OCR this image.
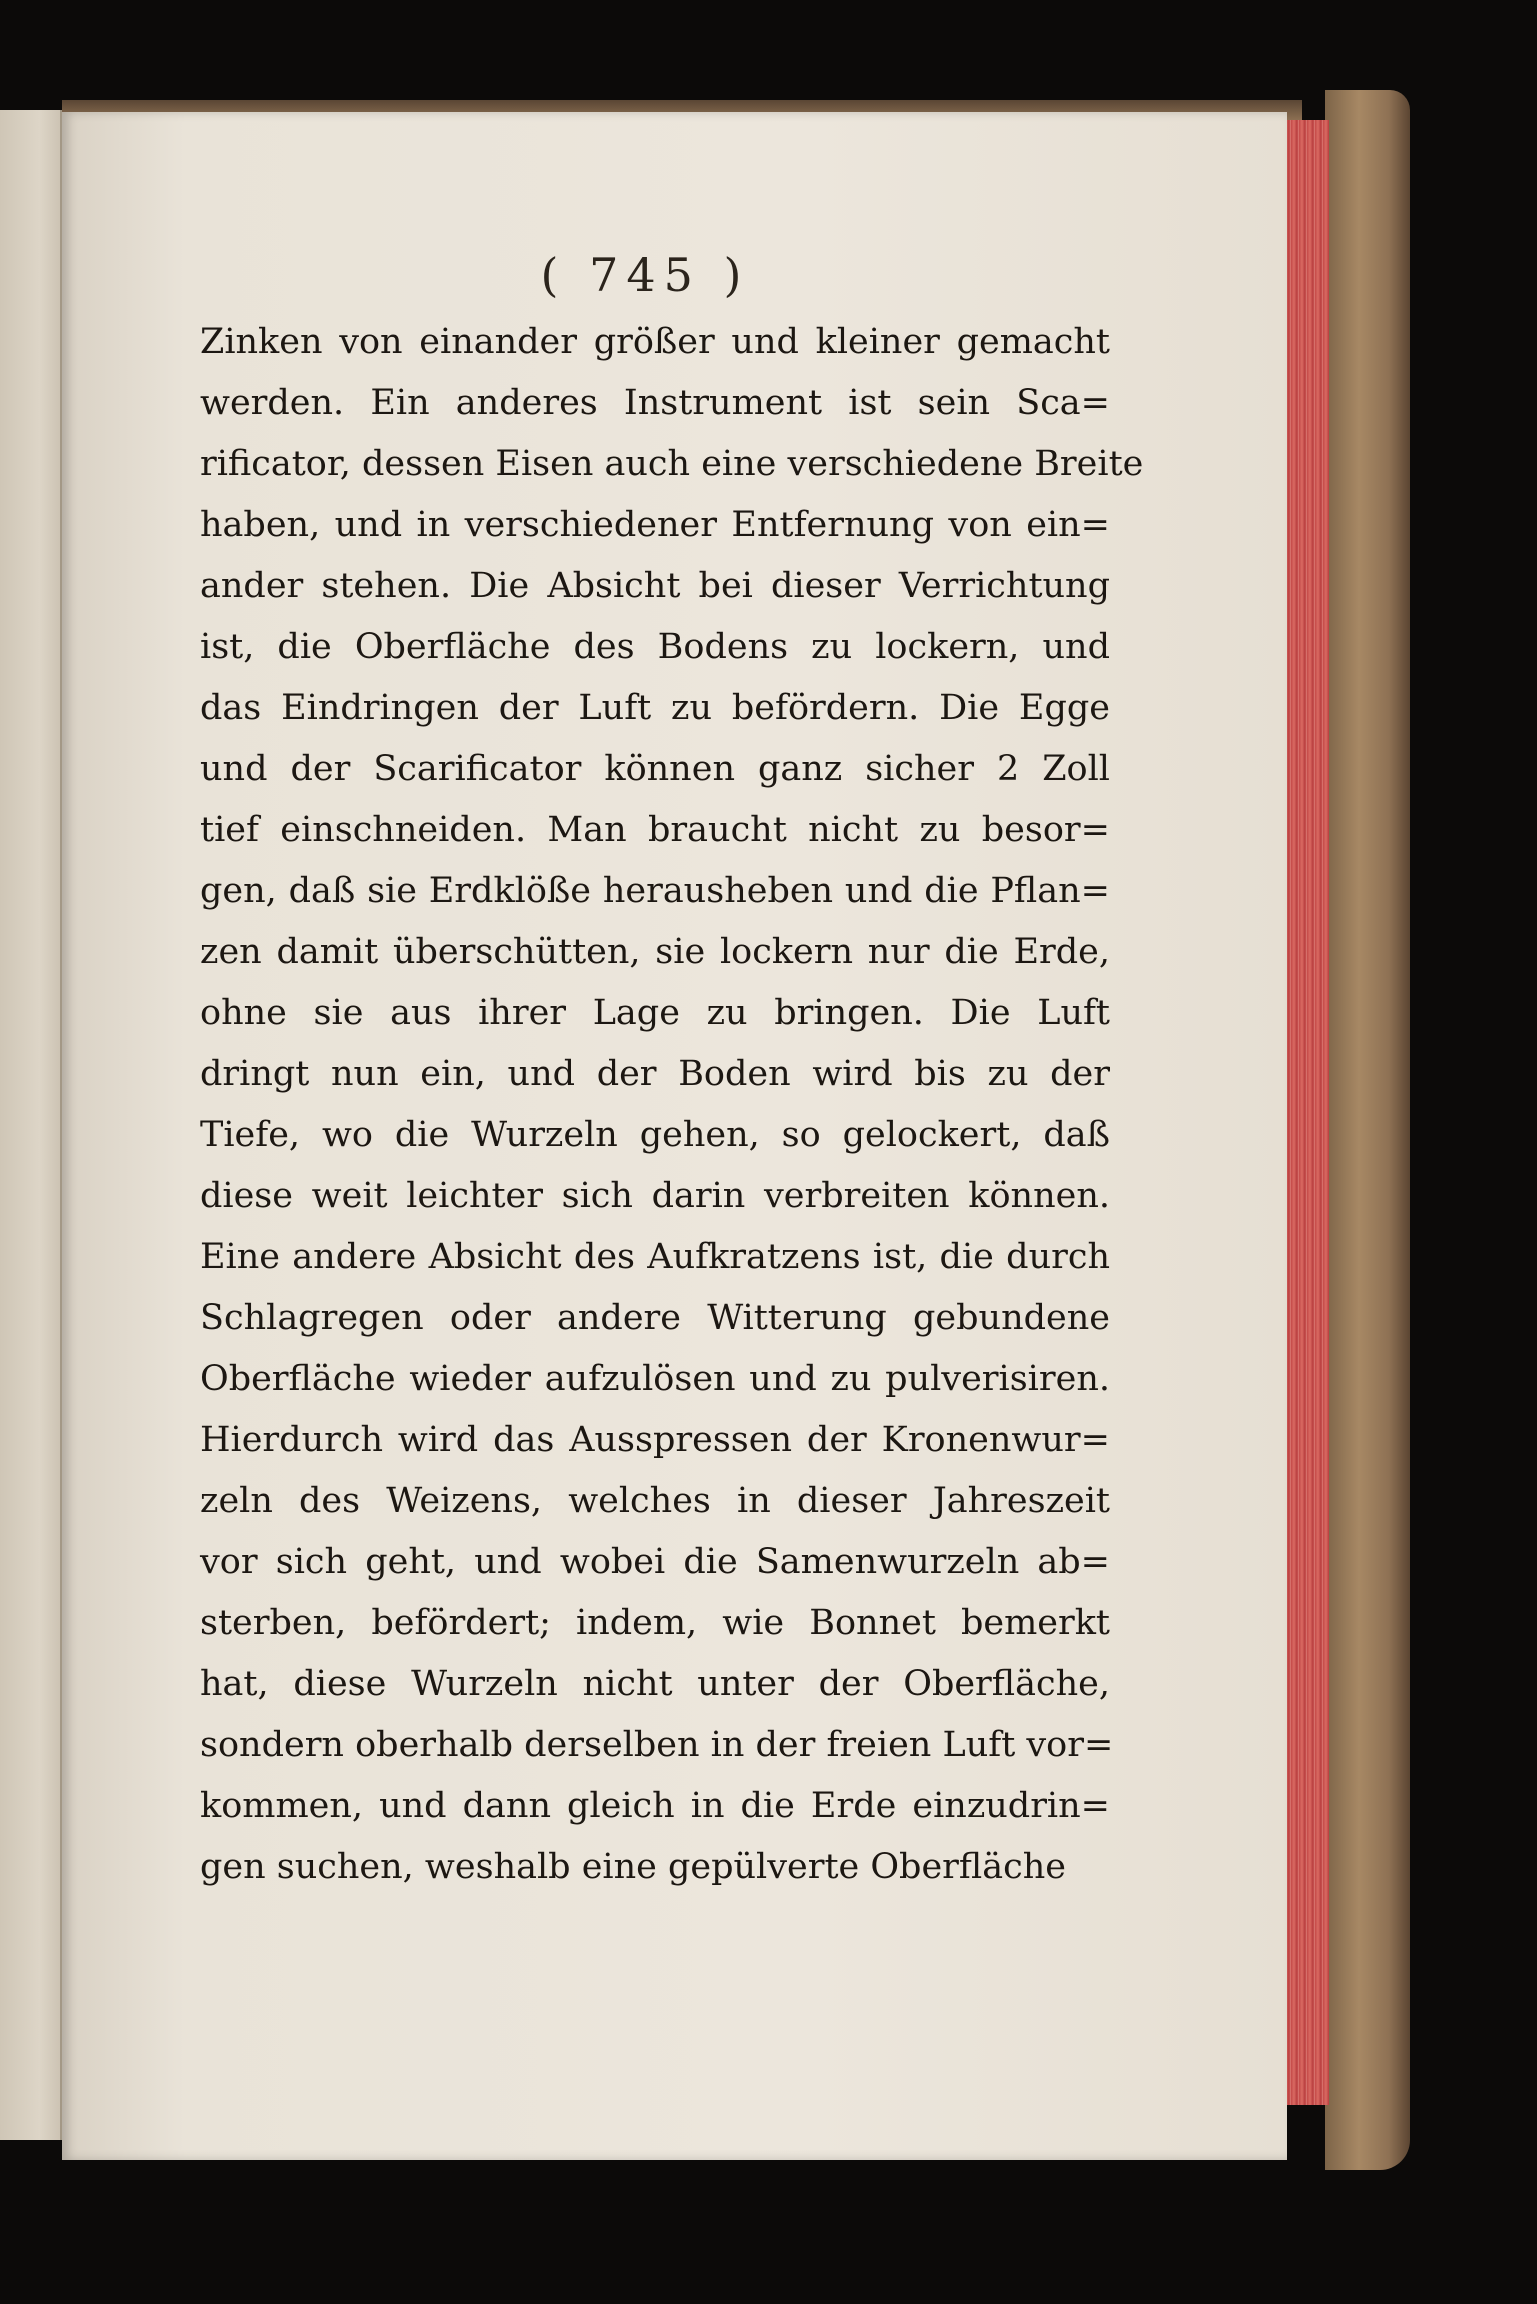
( 745 )
Zinken von einander größer und kleiner gemacht
werden. Ein anderes Instrument ist sein Sca=
rificator, dessen Eisen auch eine verschiedene Breite
haben, und in verschiedener Entfernung von ein=
ander stehen. Die Absicht bei dieser Verrichtung
ist, die Oberfläche des Bodens zu lockern, und
das Eindringen der Luft zu befördern. Die Egge
und der Scarificator können ganz sicher 2 Zoll
tief einschneiden. Man braucht nicht zu besor=
gen, daß sie Erdklöße herausheben und die Pflan=
zen damit überschütten, sie lockern nur die Erde,
ohne sie aus ihrer Lage zu bringen. Die Luft
dringt nun ein, und der Boden wird bis zu der
Tiefe, wo die Wurzeln gehen, so gelockert, daß
diese weit leichter sich darin verbreiten können.
Eine andere Absicht des Aufkratzens ist, die durch
Schlagregen oder andere Witterung gebundene
Oberfläche wieder aufzulösen und zu pulverisiren.
Hierdurch wird das Ausspressen der Kronenwur=
zeln des Weizens, welches in dieser Jahreszeit
vor sich geht, und wobei die Samenwurzeln ab=
sterben, befördert; indem, wie Bonnet bemerkt
hat, diese Wurzeln nicht unter der Oberfläche,
sondern oberhalb derselben in der freien Luft vor=
kommen, und dann gleich in die Erde einzudrin=
gen suchen, weshalb eine gepülverte Oberfläche
